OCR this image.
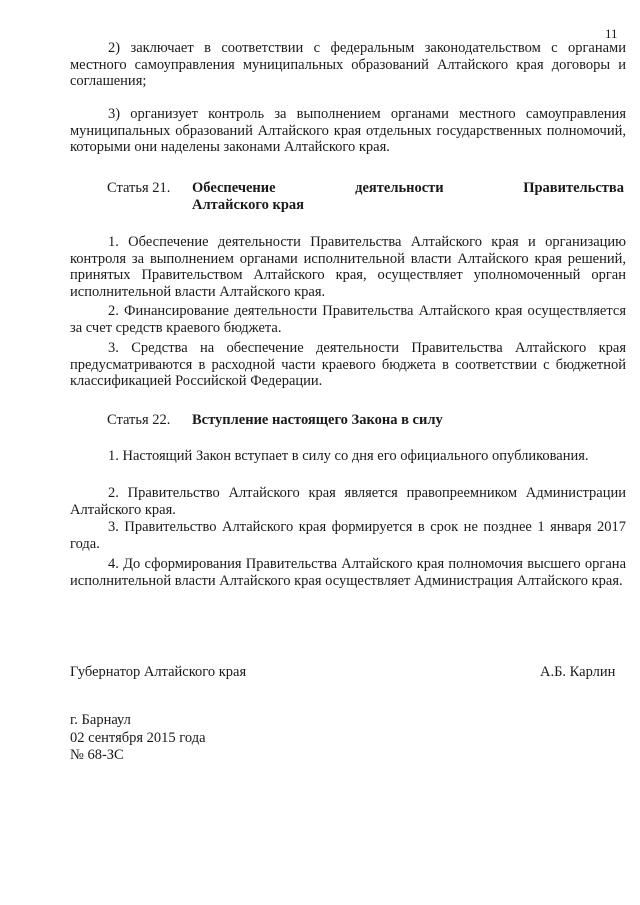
11

2) заключает в соответствии с федеральным законодательством с органами местного самоуправления муниципальных образований Алтайского края договоры и соглашения;

3) организует контроль за выполнением органами местного самоуправления муниципальных образований Алтайского края отдельных государственных полномочий, которыми они наделены законами Алтайского края.

Статья 21. Обеспечение деятельности Правительства
Алтайского края

1. Обеспечение деятельности Правительства Алтайского края и организацию контроля за выполнением органами исполнительной власти Алтайского края решений, принятых Правительством Алтайского края, осуществляет уполномоченный орган исполнительной власти Алтайского края.

2. Финансирование деятельности Правительства Алтайского края осуществляется за счет средств краевого бюджета.

3. Средства на обеспечение деятельности Правительства Алтайского края предусматриваются в расходной части краевого бюджета в соответствии с бюджетной классификацией Российской Федерации.

Статья 22. Вступление настоящего Закона в силу

1. Настоящий Закон вступает в силу со дня его официального опубликования.

2. Правительство Алтайского края является правопреемником Администрации Алтайского края.

3. Правительство Алтайского края формируется в срок не позднее 1 января 2017 года.

4. До сформирования Правительства Алтайского края полномочия высшего органа исполнительной власти Алтайского края осуществляет Администрация Алтайского края.

Губернатор Алтайского края	А.Б. Карлин
г. Барнаул
02 сентября 2015 года
№ 68-ЗС
